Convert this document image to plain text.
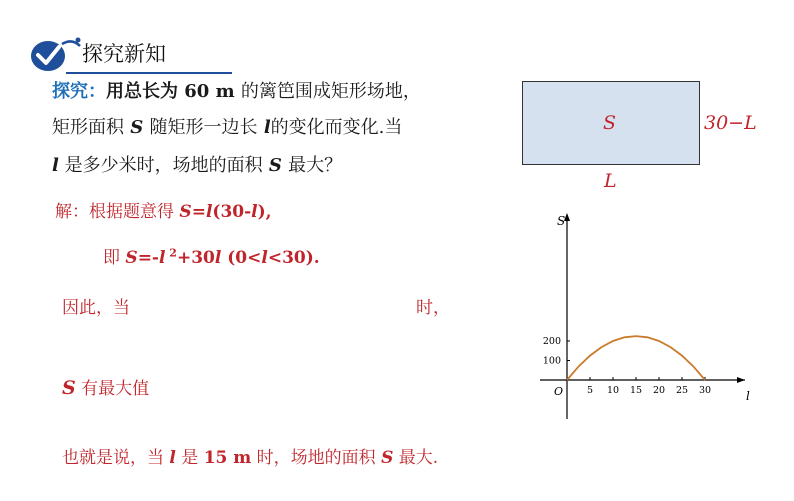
探究新知
探究：用总长为 60 m 的篱笆围成矩形场地，
矩形面积 S 随矩形一边长 l的变化而变化.当
l 是多少米时，场地的面积 S 最大？
S	30−L
L
解：根据题意得 S=l(30-l),
即 S=-l $^2$+30l (0<l<30).
因此，当	时，
S 有最大值
也就是说，当 l 是 15 m 时，场地的面积 S 最大.
S
l
O	5 10 15 20 25 30
100
200
